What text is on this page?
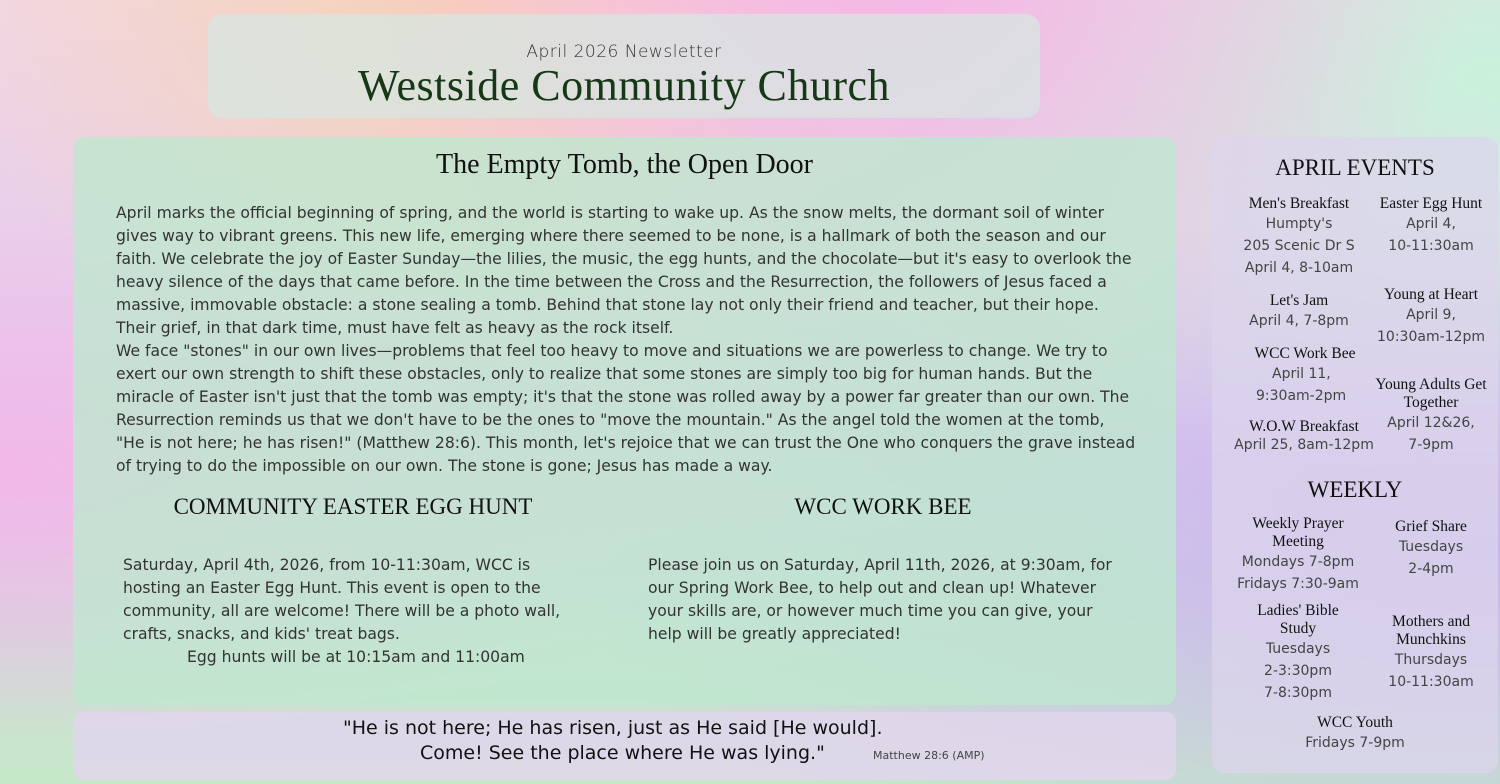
April 2026 Newsletter
Westside Community Church
The Empty Tomb, the Open Door

April marks the official beginning of spring, and the world is starting to wake up. As the snow melts, the dormant soil of winter gives way to vibrant greens. This new life, emerging where there seemed to be none, is a hallmark of both the season and our faith. We celebrate the joy of Easter Sunday—the lilies, the music, the egg hunts, and the chocolate—but it's easy to overlook the heavy silence of the days that came before. In the time between the Cross and the Resurrection, the followers of Jesus faced a massive, immovable obstacle: a stone sealing a tomb. Behind that stone lay not only their friend and teacher, but their hope. Their grief, in that dark time, must have felt as heavy as the rock itself.

We face "stones" in our own lives—problems that feel too heavy to move and situations we are powerless to change. We try to exert our own strength to shift these obstacles, only to realize that some stones are simply too big for human hands. But the miracle of Easter isn't just that the tomb was empty; it's that the stone was rolled away by a power far greater than our own. The Resurrection reminds us that we don't have to be the ones to "move the mountain." As the angel told the women at the tomb, "He is not here; he has risen!" (Matthew 28:6). This month, let's rejoice that we can trust the One who conquers the grave instead of trying to do the impossible on our own. The stone is gone; Jesus has made a way.

COMMUNITY EASTER EGG HUNT

Saturday, April 4th, 2026, from 10-11:30am, WCC is hosting an Easter Egg Hunt. This event is open to the community, all are welcome! There will be a photo wall, crafts, snacks, and kids' treat bags.

Egg hunts will be at 10:15am and 11:00am

WCC WORK BEE

Please join us on Saturday, April 11th, 2026, at 9:30am, for our Spring Work Bee, to help out and clean up! Whatever your skills are, or however much time you can give, your help will be greatly appreciated!

"He is not here; He has risen, just as He said [He would].
Come! See the place where He was lying."	Matthew 28:6 (AMP)
APRIL EVENTS
Men's Breakfast
Humpty's
205 Scenic Dr S
April 4, 8-10am
Easter Egg Hunt
April 4,
10-11:30am
Let's Jam
April 4, 7-8pm
Young at Heart
April 9,
10:30am-12pm
WCC Work Bee
April 11,
9:30am-2pm
Young Adults Get Together
April 12&26,
7-9pm
W.O.W Breakfast
April 25, 8am-12pm
WEEKLY
Weekly Prayer Meeting
Mondays 7-8pm
Fridays 7:30-9am
Grief Share
Tuesdays
2-4pm
Ladies' Bible Study
Tuesdays
2-3:30pm
7-8:30pm
Mothers and Munchkins
Thursdays
10-11:30am
WCC Youth
Fridays 7-9pm
